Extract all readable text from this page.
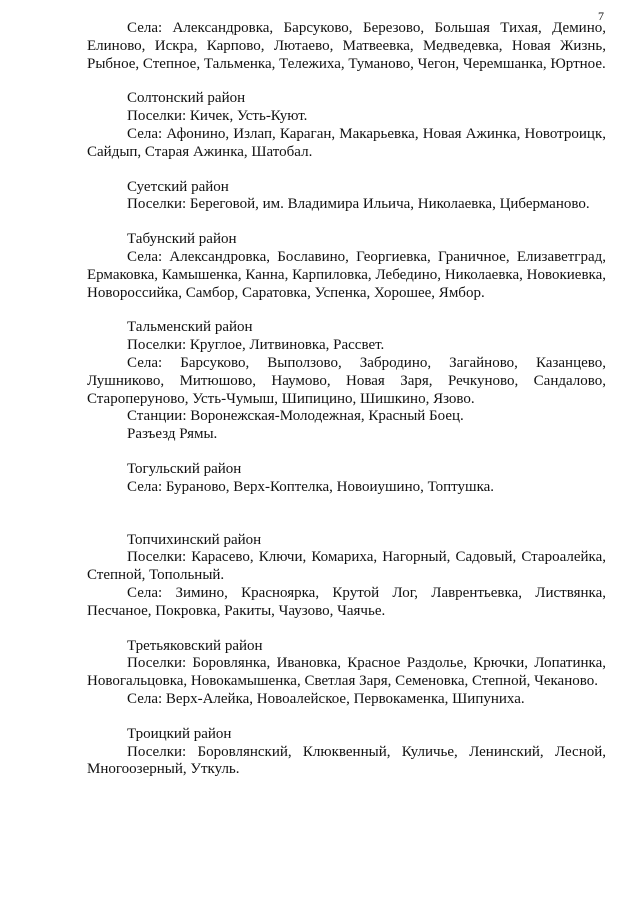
7

Села: Александровка, Барсуково, Березово, Большая Тихая, Демино, Елиново, Искра, Карпово, Лютаево, Матвеевка, Медведевка, Новая Жизнь, Рыбное, Степное, Тальменка, Тележиха, Туманово, Чегон, Черемшанка, Юртное.

Солтонский район

Поселки: Кичек, Усть-Куют.

Села: Афонино, Излап, Караган, Макарьевка, Новая Ажинка, Новотроицк, Сайдып, Старая Ажинка, Шатобал.

Суетский район

Поселки: Береговой, им. Владимира Ильича, Николаевка, Циберманово.

Табунский район

Села: Александровка, Бославино, Георгиевка, Граничное, Елизаветград, Ермаковка, Камышенка, Канна, Карпиловка, Лебедино, Николаевка, Новокиевка, Новороссийка, Самбор, Саратовка, Успенка, Хорошее, Ямбор.

Тальменский район

Поселки: Круглое, Литвиновка, Рассвет.

Села: Барсуково, Выползово, Забродино, Загайново, Казанцево, Лушниково, Митюшово, Наумово, Новая Заря, Речкуново, Сандалово, Староперуново, Усть-Чумыш, Шипицино, Шишкино, Язово.

Станции: Воронежская-Молодежная, Красный Боец.

Разъезд Рямы.

Тогульский район

Села: Бураново, Верх-Коптелка, Новоиушино, Топтушка.

Топчихинский район

Поселки: Карасево, Ключи, Комариха, Нагорный, Садовый, Староалейка, Степной, Топольный.

Села: Зимино, Красноярка, Крутой Лог, Лаврентьевка, Листвянка, Песчаное, Покровка, Ракиты, Чаузово, Чаячье.

Третьяковский район

Поселки: Боровлянка, Ивановка, Красное Раздолье, Крючки, Лопатинка, Новогальцовка, Новокамышенка, Светлая Заря, Семеновка, Степной, Чеканово.

Села: Верх-Алейка, Новоалейское, Первокаменка, Шипуниха.

Троицкий район

Поселки: Боровлянский, Клюквенный, Куличье, Ленинский, Лесной, Многоозерный, Уткуль.
